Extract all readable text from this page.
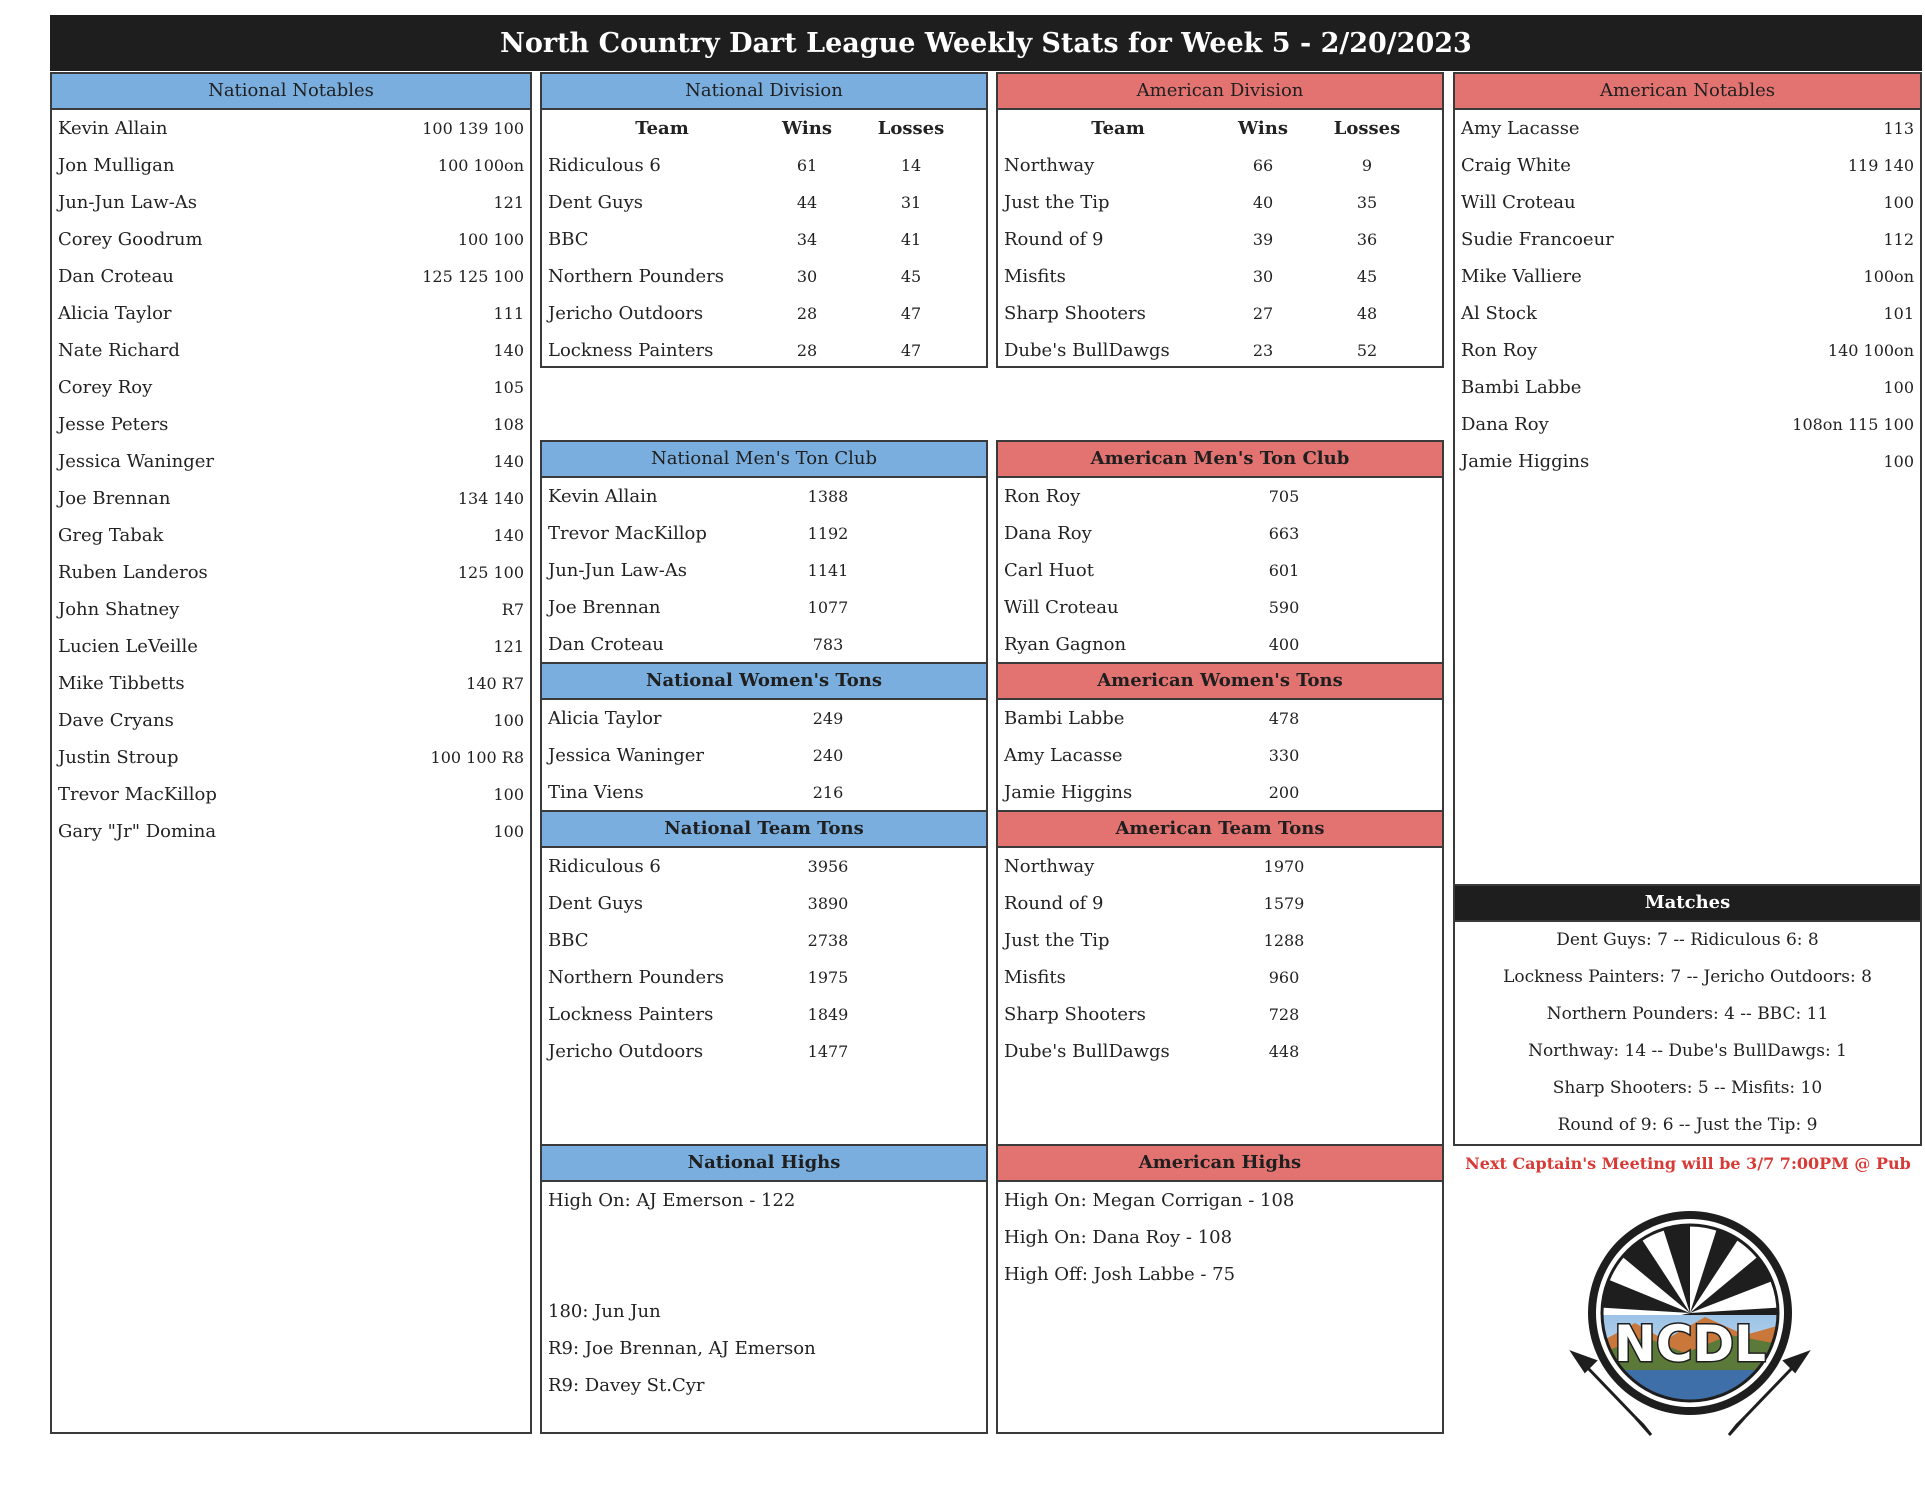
North Country Dart League Weekly Stats for Week 5 - 2/20/2023
National Notables
Kevin Allain	100 139 100
Jon Mulligan	100 100on
Jun-Jun Law-As	121
Corey Goodrum	100 100
Dan Croteau	125 125 100
Alicia Taylor	111
Nate Richard	140
Corey Roy	105
Jesse Peters	108
Jessica Waninger	140
Joe Brennan	134 140
Greg Tabak	140
Ruben Landeros	125 100
John Shatney	R7
Lucien LeVeille	121
Mike Tibbetts	140 R7
Dave Cryans	100
Justin Stroup	100 100 R8
Trevor MacKillop	100
Gary "Jr" Domina	100
National Division
Team	Wins	Losses
Ridiculous 6	61	14
Dent Guys	44	31
BBC	34	41
Northern Pounders	30	45
Jericho Outdoors	28	47
Lockness Painters	28	47
American Division
Team	Wins	Losses
Northway	66	9
Just the Tip	40	35
Round of 9	39	36
Misfits	30	45
Sharp Shooters	27	48
Dube's BullDawgs	23	52
American Notables
Amy Lacasse	113
Craig White	119 140
Will Croteau	100
Sudie Francoeur	112
Mike Valliere	100on
Al Stock	101
Ron Roy	140 100on
Bambi Labbe	100
Dana Roy	108on 115 100
Jamie Higgins	100
National Men's Ton Club
Kevin Allain	1388
Trevor MacKillop	1192
Jun-Jun Law-As	1141
Joe Brennan	1077
Dan Croteau	783
American Men's Ton Club
Ron Roy	705
Dana Roy	663
Carl Huot	601
Will Croteau	590
Ryan Gagnon	400
National Women's Tons
Alicia Taylor	249
Jessica Waninger	240
Tina Viens	216
American Women's Tons
Bambi Labbe	478
Amy Lacasse	330
Jamie Higgins	200
National Team Tons
Ridiculous 6	3956
Dent Guys	3890
BBC	2738
Northern Pounders	1975
Lockness Painters	1849
Jericho Outdoors	1477
American Team Tons
Northway	1970
Round of 9	1579
Just the Tip	1288
Misfits	960
Sharp Shooters	728
Dube's BullDawgs	448
Matches
Dent Guys: 7 -- Ridiculous 6: 8
Lockness Painters: 7 -- Jericho Outdoors: 8
Northern Pounders: 4 -- BBC: 11
Northway: 14 -- Dube's BullDawgs: 1
Sharp Shooters: 5 -- Misfits: 10
Round of 9: 6 -- Just the Tip: 9
National Highs
High On: AJ Emerson - 122
180: Jun Jun
R9: Joe Brennan, AJ Emerson
R9: Davey St.Cyr
American Highs
High On: Megan Corrigan - 108
High On: Dana Roy - 108
High Off: Josh Labbe - 75
Next Captain's Meeting will be 3/7 7:00PM @ Pub
NCDL
